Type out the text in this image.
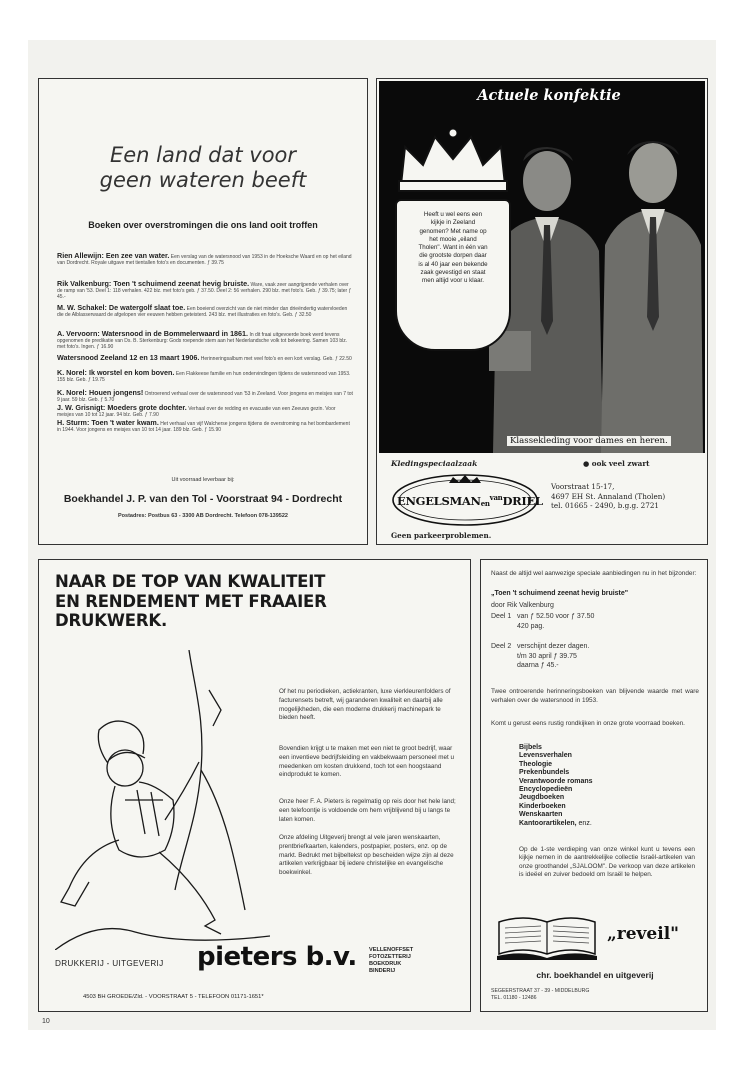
Een land dat voor
geen wateren beeft
Boeken over overstromingen die ons land ooit troffen
Rien Allewijn: Een zee van water. Een verslag van de watersnood van 1953 in de Hoeksche Waard en op het eiland van Dordrecht. Royale uitgave met tientallen foto's en documenten. ƒ 39.75
Rik Valkenburg: Toen 't schuimend zeenat hevig bruiste. Ware, vaak zeer aangrijpende verhalen over de ramp van '53. Deel 1: 118 verhalen. 422 blz. met foto's geb. ƒ 37.50. Deel 2: 56 verhalen. 290 blz. met foto's. Geb. ƒ 39.75; later ƒ 45.-
M. W. Schakel: De watergolf slaat toe. Een boeiend overzicht van de niet minder dan drieëndertig watervloeden die de Alblasserwaard de afgelopen vier eeuwen hebben geteisterd. 243 blz. met illustraties en foto's. Geb. ƒ 32.50
A. Vervoorn: Watersnood in de Bommelerwaard in 1861. In dit fraai uitgevoerde boek werd tevens opgenomen de predikatie van Ds. B. Sterkenburg: Gods roepende stem aan het Nederlandsche volk tot bekeering. Samen 103 blz. met foto's. Ingen. ƒ 16.90
Watersnood Zeeland 12 en 13 maart 1906. Herinneringsalbum met veel foto's en een kort verslag. Geb. ƒ 22.50
K. Norel: Ik worstel en kom boven. Een Flakkeese familie en hun ondervindingen tijdens de watersnood van 1953. 155 blz. Geb. ƒ 19.75
K. Norel: Houen jongens! Ontroerend verhaal over de watersnood van '53 in Zeeland. Voor jongens en meisjes van 7 tot 9 jaar. 59 blz. Geb. ƒ 5.70
J. W. Grisnigt: Moeders grote dochter. Verhaal over de redding en evacuatie van een Zeeuws gezin. Voor meisjes van 10 tot 12 jaar. 94 blz. Geb. ƒ 7.90
H. Sturm: Toen 't water kwam. Het verhaal van vijf Walcherse jongens tijdens de overstroming na het bombardement in 1944. Voor jongens en meisjes van 10 tot 14 jaar. 189 blz. Geb. ƒ 15.90
Uit voorraad leverbaar bij:
Boekhandel J. P. van den Tol - Voorstraat 94 - Dordrecht
Postadres: Postbus 63 - 3300 AB Dordrecht. Telefoon 078-139522
Actuele konfektie

Heeft u wel eens een

kijkje in Zeeland

genomen? Met name op

het mooie „eiland

Tholen". Want in één van

die grootste dorpen daar

is al 40 jaar een bekende

zaak gevestigd en staat

men altijd voor u klaar.

Klassekleding voor dames en heren.
Kledingspeciaalzaak	● ook veel zwart
ENGELSMANen$^{van}$DRIEL
Voorstraat 15-17,
4697 EH St. Annaland (Tholen)
tel. 01665 - 2490, b.g.g. 2721
Geen parkeerproblemen.
NAAR DE TOP VAN KWALITEIT
EN RENDEMENT MET FRAAIER
DRUKWERK.
Of het nu periodieken, actiekranten, luxe vierkleurenfolders of facturensets betreft, wij garanderen kwaliteit en daarbij alle mogelijkheden, die een moderne drukkerij machinepark te bieden heeft.
Bovendien krijgt u te maken met een niet te groot bedrijf, waar een inventieve bedrijfsleiding en vakbekwaam personeel met u meedenken om kosten drukkend, toch tot een hoogstaand eindprodukt te komen.
Onze heer F. A. Pieters is regelmatig op reis door het hele land; een telefoontje is voldoende om hem vrijblijvend bij u langs te laten komen.
Onze afdeling Uitgeverij brengt al vele jaren wenskaarten, prentbriefkaarten, kalenders, postpapier, posters, enz. op de markt. Bedrukt met bijbeltekst op bescheiden wijze zijn al deze artikelen verkrijgbaar bij iedere christelijke en evangelische boekwinkel.
DRUKKERIJ - UITGEVERIJ pieters b.v. VELLENOFFSET
FOTOZETTERIJ
BOEKDRUK
BINDERIJ
4503 BH GROEDE/Zld. - VOORSTRAAT 5 - TELEFOON 01171-1651*
Naast de altijd wel aanwezige speciale aanbiedingen nu in het bijzonder:
„Toen 't schuimend zeenat hevig bruiste"
door Rik Valkenburg
Deel 1 van ƒ 52.50 voor ƒ 37.50
420 pag.
Deel 2 verschijnt dezer dagen.
t/m 30 april ƒ 39.75
daarna ƒ 45.-
Twee ontroerende herinneringsboeken van blijvende waarde met ware verhalen over de watersnood in 1953.
Komt u gerust eens rustig rondkijken in onze grote voorraad boeken.
Bijbels
Levensverhalen
Theologie
Prekenbundels
Verantwoorde romans
Encyclopedieën
Jeugdboeken
Kinderboeken
Wenskaarten
Kantoorartikelen, enz.
Op de 1-ste verdieping van onze winkel kunt u tevens een kijkje nemen in de aantrekkelijke collectie Israël-artikelen van onze groothandel „SJALOOM". De verkoop van deze artikelen is ideëel en zuiver bedoeld om Israël te helpen.
„reveil"
chr. boekhandel en uitgeverij
SEGEERSTRAAT 37 - 39 - MIDDELBURG
TEL. 01180 - 12486
10
